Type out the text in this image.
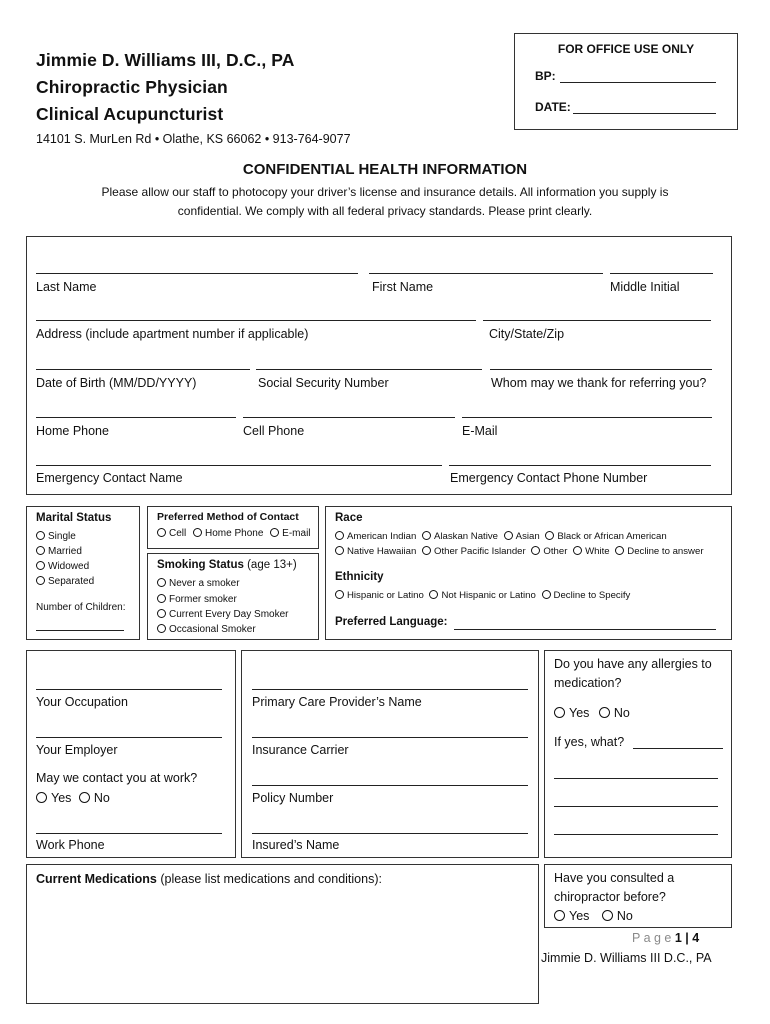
Jimmie D. Williams III, D.C., PA
Chiropractic Physician
Clinical Acupuncturist
14101 S. MurLen Rd • Olathe, KS 66062 • 913-764-9077
FOR OFFICE USE ONLY
BP:
DATE:
CONFIDENTIAL HEALTH INFORMATION
Please allow our staff to photocopy your driver’s license and insurance details. All information you supply is
confidential. We comply with all federal privacy standards. Please print clearly.
Last Name	First Name	Middle Initial
Address (include apartment number if applicable)	City/State/Zip
Date of Birth (MM/DD/YYYY)	Social Security Number	Whom may we thank for referring you?
Home Phone	Cell Phone	E-Mail
Emergency Contact Name	Emergency Contact Phone Number
Marital Status
Single
Married
Widowed
Separated
Number of Children:
Preferred Method of Contact
Cell Home Phone E-mail
Smoking Status (age 13+)
Never a smoker
Former smoker
Current Every Day Smoker
Occasional Smoker
Race
American Indian Alaskan Native Asian Black or African American
Native Hawaiian Other Pacific Islander Other White Decline to answer
Ethnicity
Hispanic or Latino Not Hispanic or Latino Decline to Specify
Preferred Language:
Your Occupation
Your Employer
May we contact you at work?
Yes No
Work Phone
Primary Care Provider’s Name
Insurance Carrier
Policy Number
Insured’s Name
Do you have any allergies to
medication?
Yes No
If yes, what?
Current Medications (please list medications and conditions):	Have you consulted a
chiropractor before?
Yes No
P a g e 1 | 4
Jimmie D. Williams III D.C., PA
